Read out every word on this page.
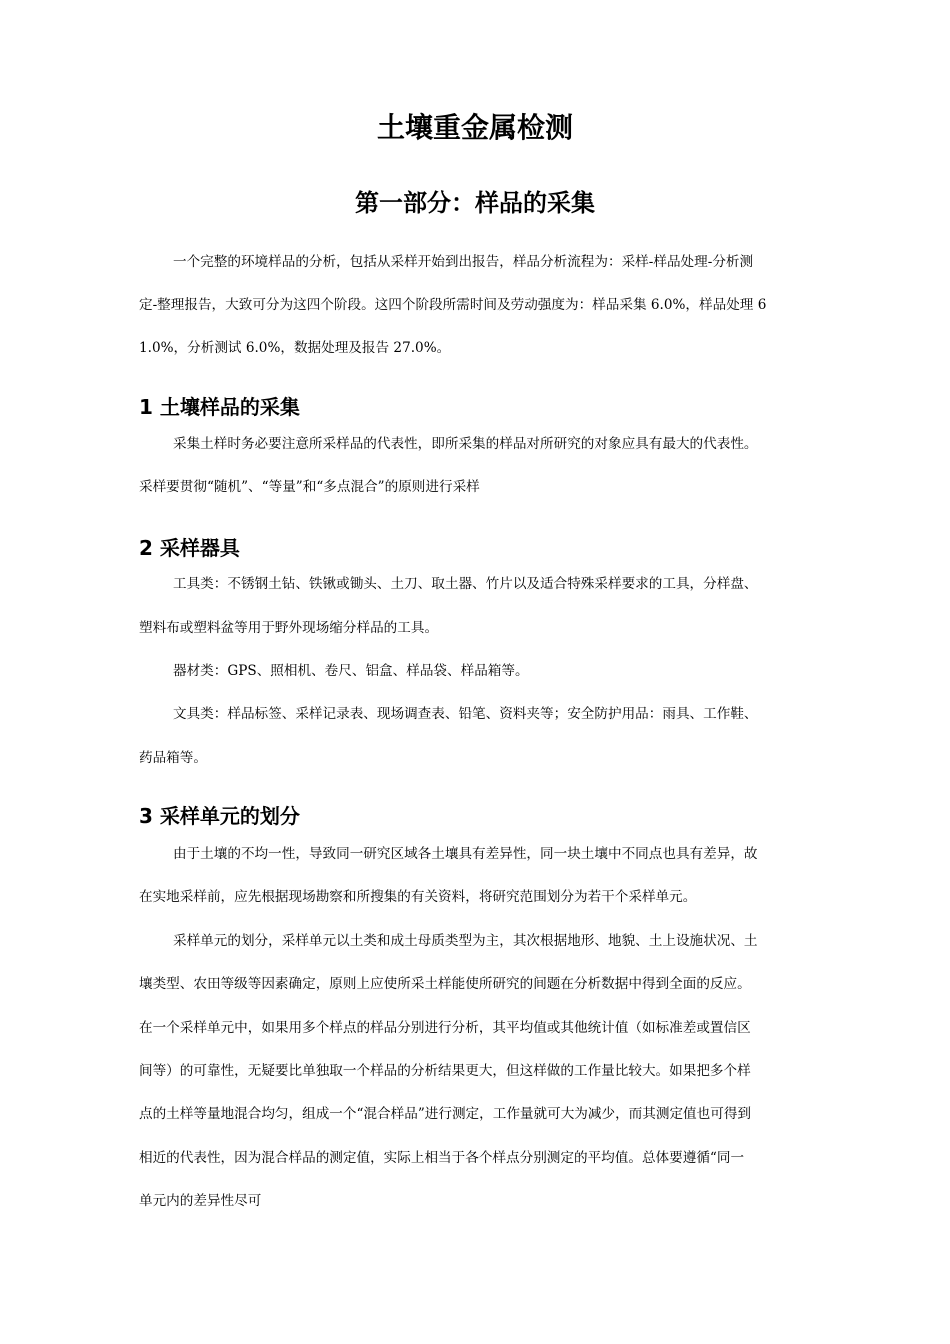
土壤重金属检测
第一部分：样品的采集
一个完整的环境样品的分析，包括从采样开始到出报告，样品分析流程为：采样-样品处理-分析测
定-整理报告，大致可分为这四个阶段。这四个阶段所需时间及劳动强度为：样品采集 6.0%，样品处理 6
1.0%，分析测试 6.0%，数据处理及报告 27.0%。
1 土壤样品的采集
采集土样时务必要注意所采样品的代表性，即所采集的样品对所研究的对象应具有最大的代表性。
采样要贯彻“随机”、“等量”和“多点混合”的原则进行采样
2 采样器具
工具类：不锈钢土钻、铁锹或锄头、土刀、取土器、竹片以及适合特殊采样要求的工具，分样盘、
塑料布或塑料盆等用于野外现场缩分样品的工具。
器材类：GPS、照相机、卷尺、铝盒、样品袋、样品箱等。
文具类：样品标签、采样记录表、现场调查表、铅笔、资料夹等；安全防护用品：雨具、工作鞋、
药品箱等。
3 采样单元的划分
由于土壤的不均一性，导致同一研究区域各土壤具有差异性，同一块土壤中不同点也具有差异，故
在实地采样前，应先根据现场勘察和所搜集的有关资料，将研究范围划分为若干个采样单元。
采样单元的划分，采样单元以土类和成土母质类型为主，其次根据地形、地貌、土上设施状况、土
壤类型、农田等级等因素确定，原则上应使所采土样能使所研究的间题在分析数据中得到全面的反应。
在一个采样单元中，如果用多个样点的样品分别进行分析，其平均值或其他统计值（如标准差或置信区
间等）的可靠性，无疑要比单独取一个样品的分析结果更大，但这样做的工作量比较大。如果把多个样
点的土样等量地混合均匀，组成一个“混合样品”进行测定，工作量就可大为减少，而其测定值也可得到
相近的代表性，因为混合样品的测定值，实际上相当于各个样点分别测定的平均值。总体要遵循“同一
单元内的差异性尽可
